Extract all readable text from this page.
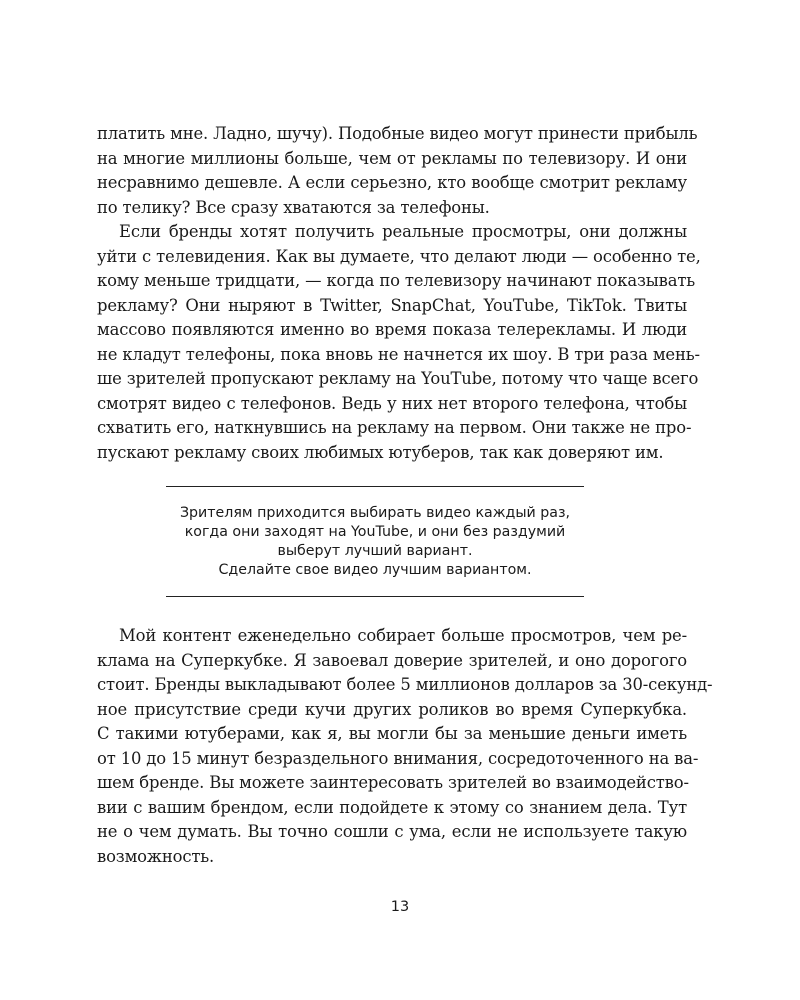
платить мне. Ладно, шучу). Подобные видео могут принести прибыль
на многие миллионы больше, чем от рекламы по телевизору. И они
несравнимо дешевле. А если серьезно, кто вообще смотрит рекламу
по телику? Все сразу хватаются за телефоны.
Если бренды хотят получить реальные просмотры, они должны
уйти с телевидения. Как вы думаете, что делают люди — особенно те,
кому меньше тридцати, — когда по телевизору начинают показывать
рекламу? Они ныряют в Twitter, SnapChat, YouTube, TikTok. Твиты
массово появляются именно во время показа телерекламы. И люди
не кладут телефоны, пока вновь не начнется их шоу. В три раза мень-
ше зрителей пропускают рекламу на YouTube, потому что чаще всего
смотрят видео с телефонов. Ведь у них нет второго телефона, чтобы
схватить его, наткнувшись на рекламу на первом. Они также не про-
пускают рекламу своих любимых ютуберов, так как доверяют им.
Зрителям приходится выбирать видео каждый раз,
когда они заходят на YouTube, и они без раздумий
выберут лучший вариант.
Сделайте свое видео лучшим вариантом.
Мой контент еженедельно собирает больше просмотров, чем ре-
клама на Суперкубке. Я завоевал доверие зрителей, и оно дорогого
стоит. Бренды выкладывают более 5 миллионов долларов за 30-секунд-
ное присутствие среди кучи других роликов во время Суперкубка.
С такими ютуберами, как я, вы могли бы за меньшие деньги иметь
от 10 до 15 минут безраздельного внимания, сосредоточенного на ва-
шем бренде. Вы можете заинтересовать зрителей во взаимодейство-
вии с вашим брендом, если подойдете к этому со знанием дела. Тут
не о чем думать. Вы точно сошли с ума, если не используете такую
возможность.
13
